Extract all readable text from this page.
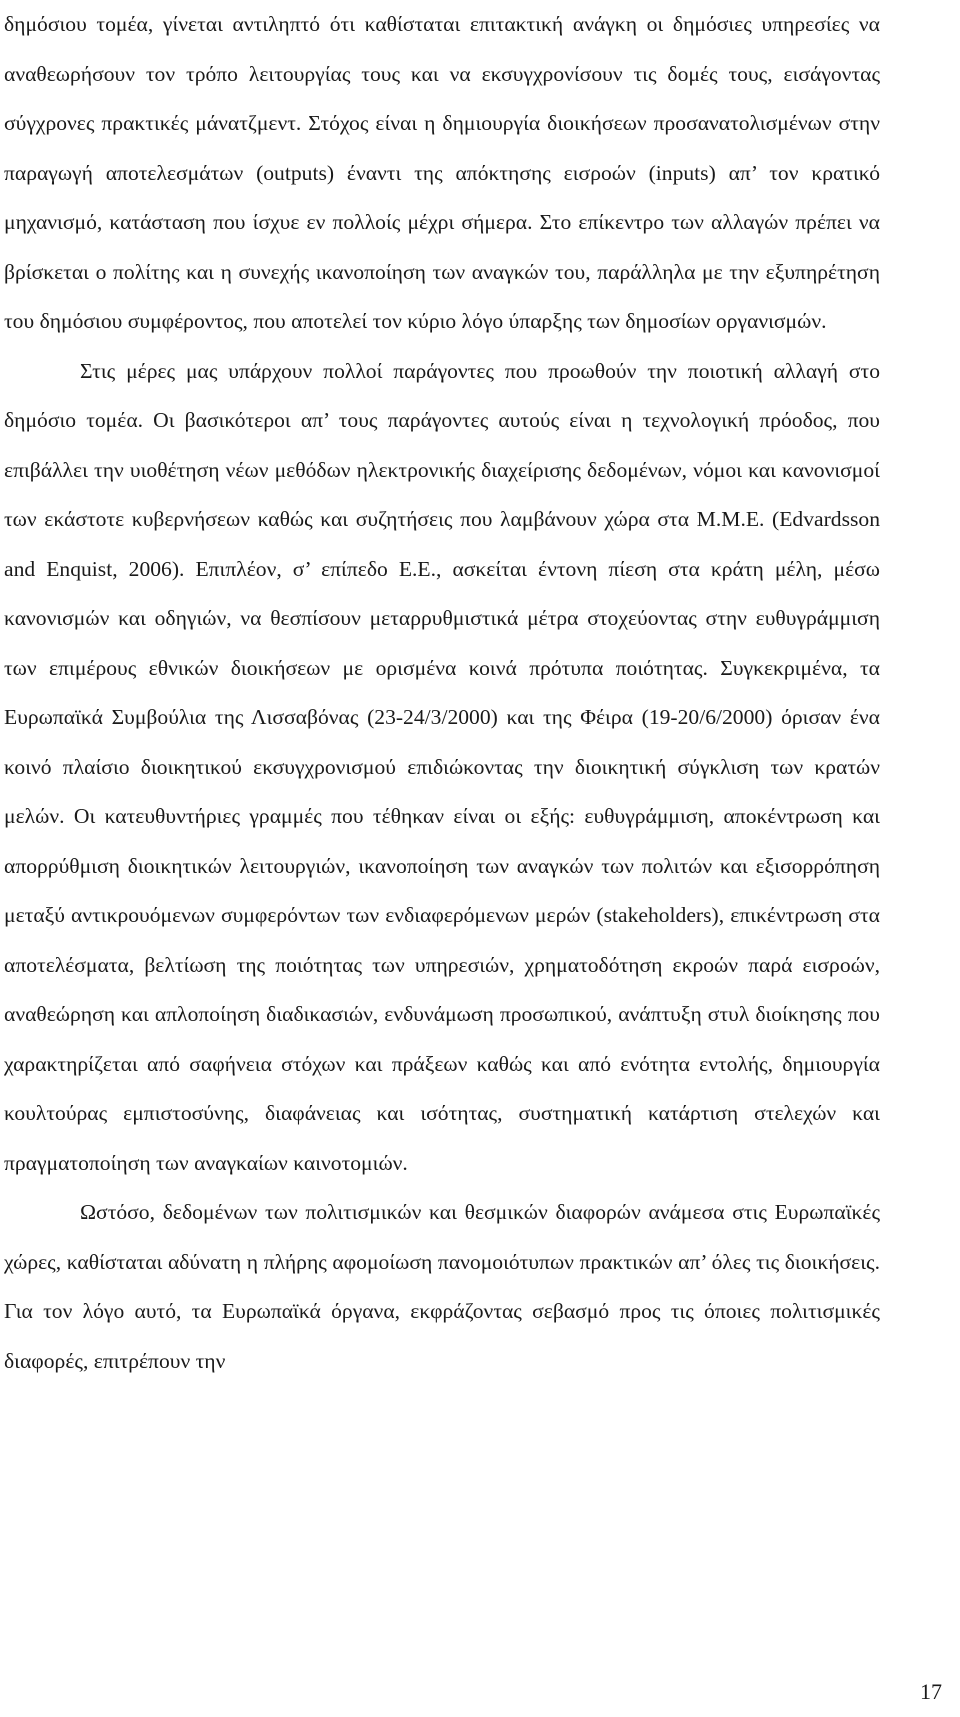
δημόσιου τομέα, γίνεται αντιληπτό ότι καθίσταται επιτακτική ανάγκη οι δημόσιες υπηρεσίες να αναθεωρήσουν τον τρόπο λειτουργίας τους και να εκσυγχρονίσουν τις δομές τους, εισάγοντας σύγχρονες πρακτικές μάνατζμεντ. Στόχος είναι η δημιουργία διοικήσεων προσανατολισμένων στην παραγωγή αποτελεσμάτων (outputs) έναντι της απόκτησης εισροών (inputs) απ’ τον κρατικό μηχανισμό, κατάσταση που ίσχυε εν πολλοίς μέχρι σήμερα. Στο επίκεντρο των αλλαγών πρέπει να βρίσκεται ο πολίτης και η συνεχής ικανοποίηση των αναγκών του, παράλληλα με την εξυπηρέτηση του δημόσιου συμφέροντος, που αποτελεί τον κύριο λόγο ύπαρξης των δημοσίων οργανισμών.

Στις μέρες μας υπάρχουν πολλοί παράγοντες που προωθούν την ποιοτική αλλαγή στο δημόσιο τομέα. Οι βασικότεροι απ’ τους παράγοντες αυτούς είναι η τεχνολογική πρόοδος, που επιβάλλει την υιοθέτηση νέων μεθόδων ηλεκτρονικής διαχείρισης δεδομένων, νόμοι και κανονισμοί των εκάστοτε κυβερνήσεων καθώς και συζητήσεις που λαμβάνουν χώρα στα Μ.Μ.Ε. (Edvardsson and Enquist, 2006). Επιπλέον, σ’ επίπεδο Ε.Ε., ασκείται έντονη πίεση στα κράτη μέλη, μέσω κανονισμών και οδηγιών, να θεσπίσουν μεταρρυθμιστικά μέτρα στοχεύοντας στην ευθυγράμμιση των επιμέρους εθνικών διοικήσεων με ορισμένα κοινά πρότυπα ποιότητας. Συγκεκριμένα, τα Ευρωπαϊκά Συμβούλια της Λισσαβόνας (23-24/3/2000) και της Φέιρα (19-20/6/2000) όρισαν ένα κοινό πλαίσιο διοικητικού εκσυγχρονισμού επιδιώκοντας την διοικητική σύγκλιση των κρατών μελών. Οι κατευθυντήριες γραμμές που τέθηκαν είναι οι εξής: ευθυγράμμιση, αποκέντρωση και απορρύθμιση διοικητικών λειτουργιών, ικανοποίηση των αναγκών των πολιτών και εξισορρόπηση μεταξύ αντικρουόμενων συμφερόντων των ενδιαφερόμενων μερών (stakeholders), επικέντρωση στα αποτελέσματα, βελτίωση της ποιότητας των υπηρεσιών, χρηματοδότηση εκροών παρά εισροών, αναθεώρηση και απλοποίηση διαδικασιών, ενδυνάμωση προσωπικού, ανάπτυξη στυλ διοίκησης που χαρακτηρίζεται από σαφήνεια στόχων και πράξεων καθώς και από ενότητα εντολής, δημιουργία κουλτούρας εμπιστοσύνης, διαφάνειας και ισότητας, συστηματική κατάρτιση στελεχών και πραγματοποίηση των αναγκαίων καινοτομιών.

Ωστόσο, δεδομένων των πολιτισμικών και θεσμικών διαφορών ανάμεσα στις Ευρωπαϊκές χώρες, καθίσταται αδύνατη η πλήρης αφομοίωση πανομοιότυπων πρακτικών απ’ όλες τις διοικήσεις. Για τον λόγο αυτό, τα Ευρωπαϊκά όργανα, εκφράζοντας σεβασμό προς τις όποιες πολιτισμικές διαφορές, επιτρέπουν την

17
